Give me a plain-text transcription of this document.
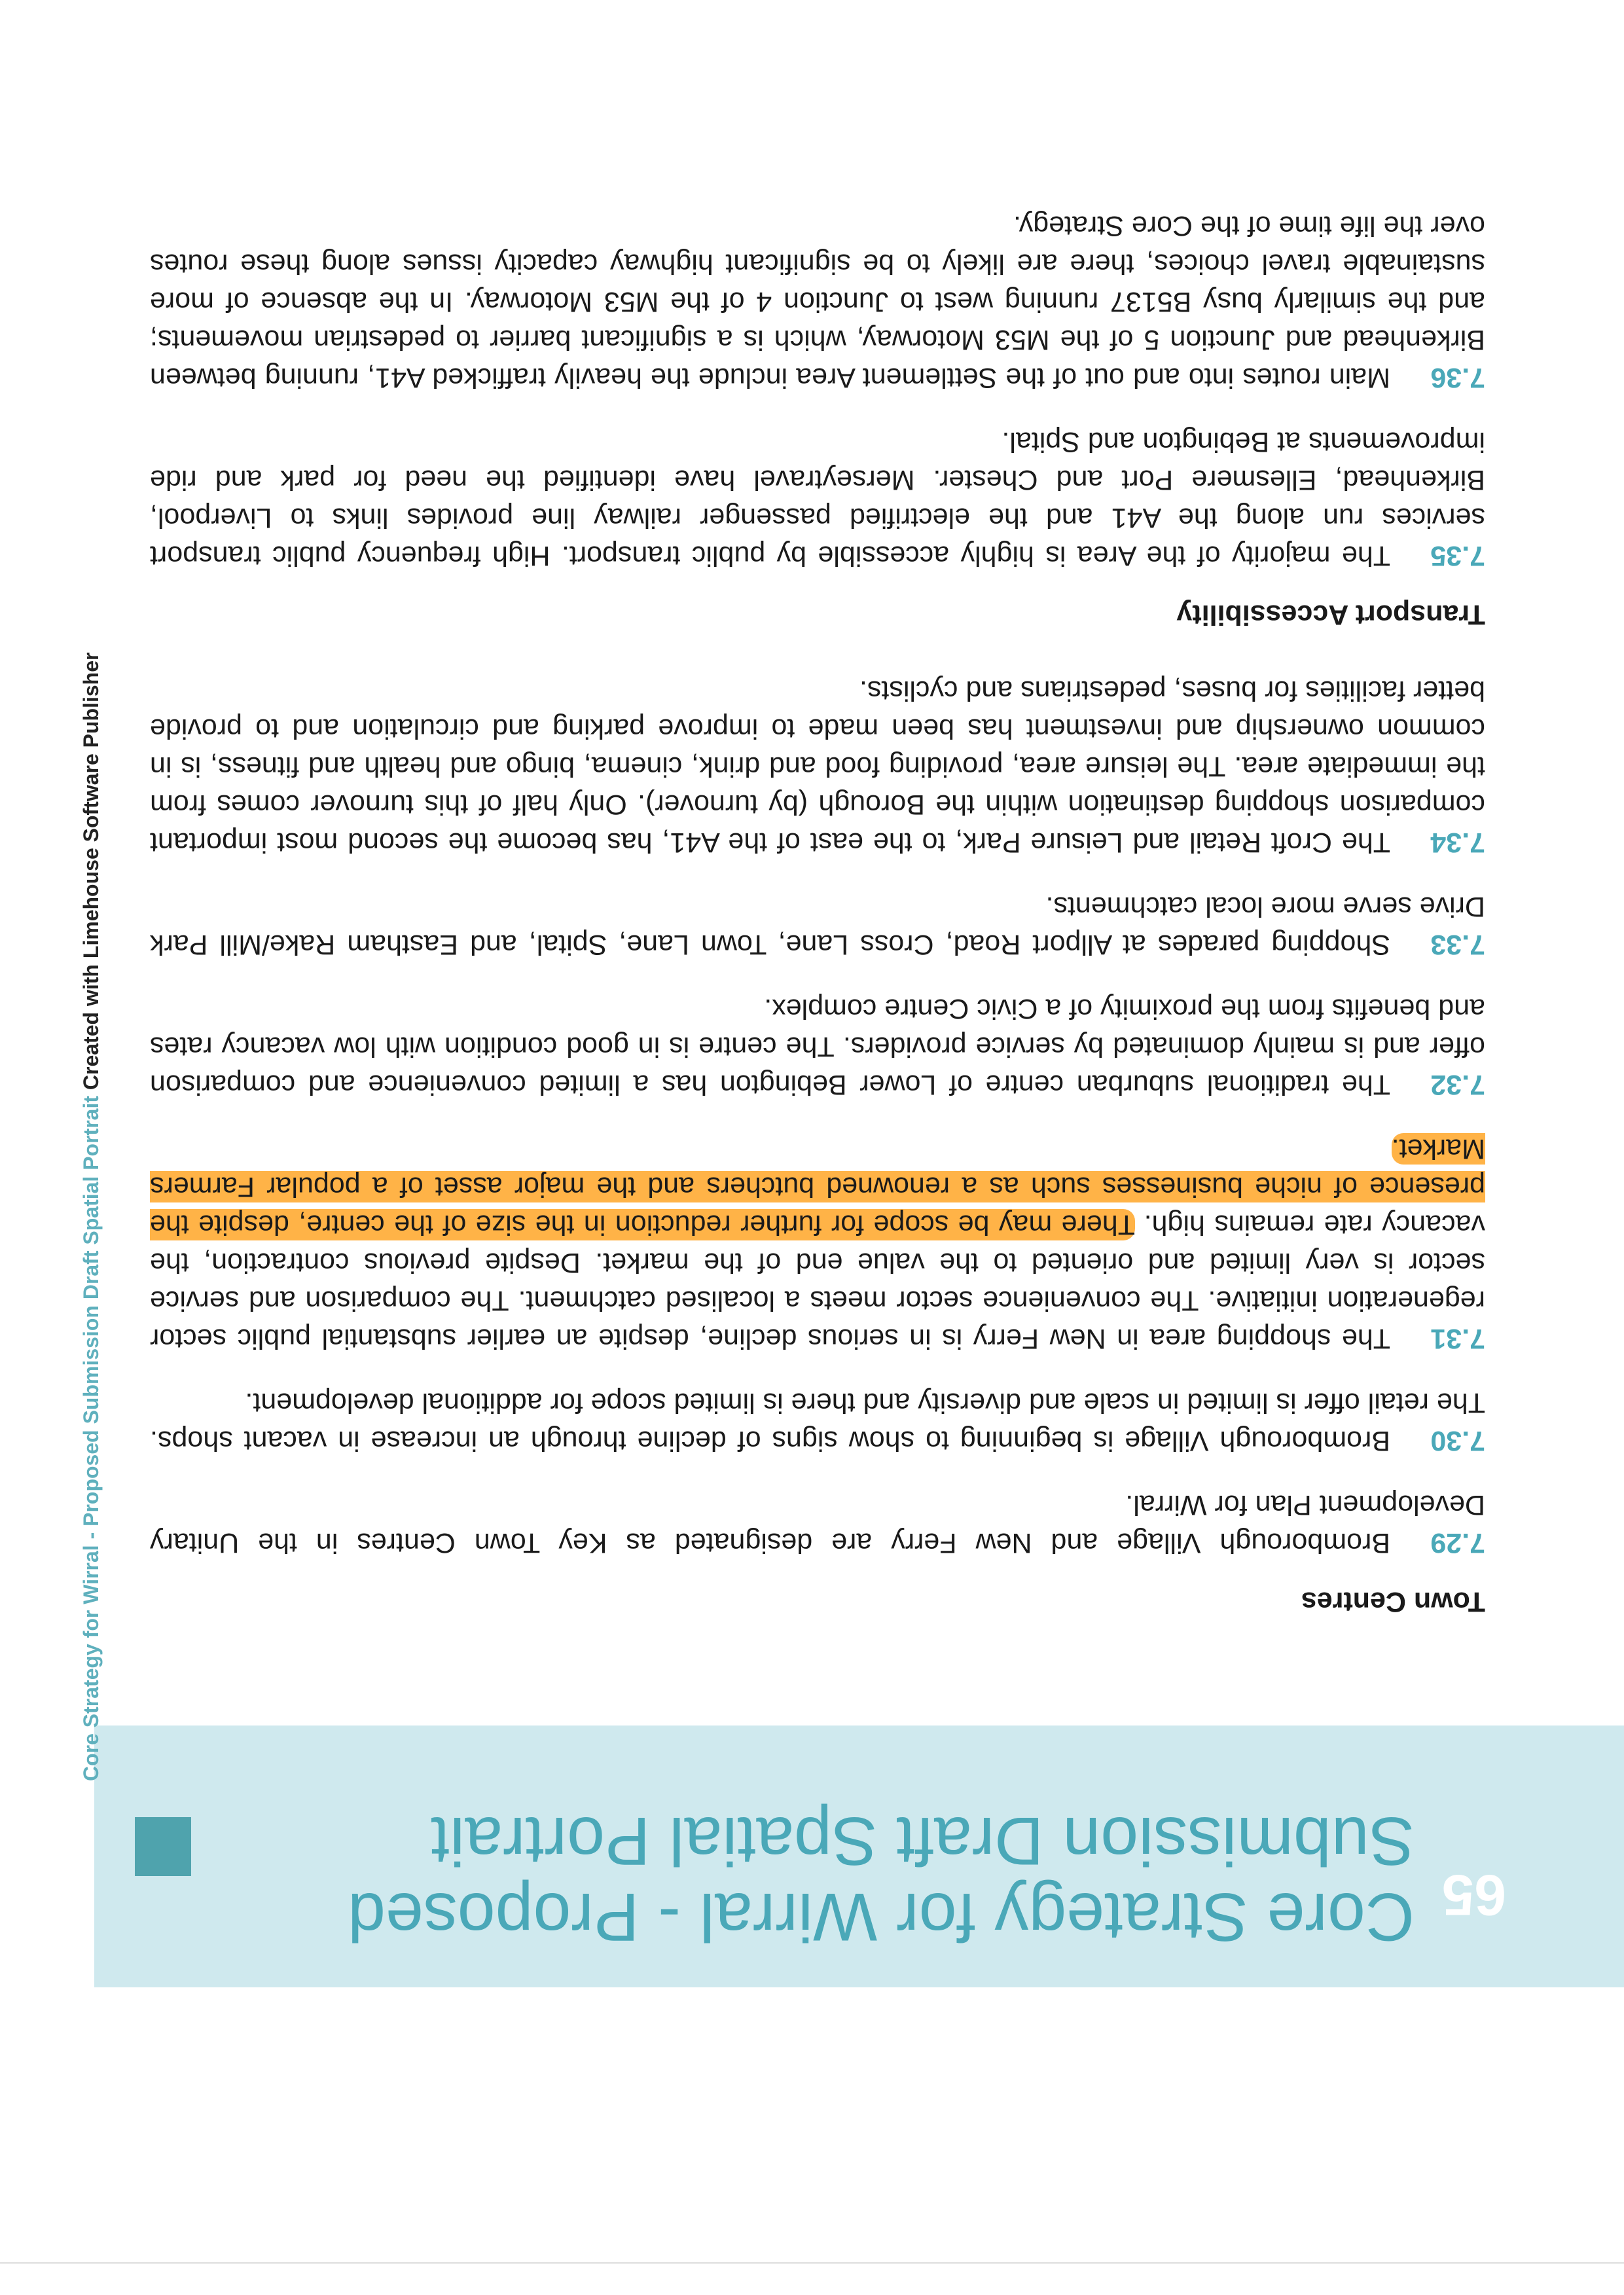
65
Core Strategy for Wirral - Proposed Submission Draft Spatial Portrait
Core Strategy for Wirral - Proposed Submission Draft Spatial Portrait Created with Limehouse Software Publisher
Town Centres

7.29Bromborough Village and New Ferry are designated as Key Town Centres in the Unitary Development Plan for Wirral.

7.30Bromborough Village is beginning to show signs of decline through an increase in vacant shops. The retail offer is limited in scale and diversity and there is limited scope for additional development.

7.31The shopping area in New Ferry is in serious decline, despite an earlier substantial public sector regeneration initiative. The convenience sector meets a localised catchment. The comparison and service sector is very limited and oriented to the value end of the market. Despite previous contraction, the vacancy rate remains high. There may be scope for further reduction in the size of the centre, despite the presence of niche businesses such as a renowned butchers and the major asset of a popular Farmers Market.

7.32The traditional suburban centre of Lower Bebington has a limited convenience and comparison offer and is mainly dominated by service providers. The centre is in good condition with low vacancy rates and benefits from the proximity of a Civic Centre complex.

7.33Shopping parades at Allport Road, Cross Lane, Town Lane, Spital, and Eastham Rake/Mill Park Drive serve more local catchments.

7.34The Croft Retail and Leisure Park, to the east of the A41, has become the second most important comparison shopping destination within the Borough (by turnover). Only half of this turnover comes from the immediate area. The leisure area, providing food and drink, cinema, bingo and health and fitness, is in common ownership and investment has been made to improve parking and circulation and to provide better facilities for buses, pedestrians and cyclists.

Transport Accessibility

7.35The majority of the Area is highly accessible by public transport. High frequency public transport services run along the A41 and the electrified passenger railway line provides links to Liverpool, Birkenhead, Ellesmere Port and Chester. Merseytravel have identified the need for park and ride improvements at Bebington and Spital.

7.36Main routes into and out of the Settlement Area include the heavily trafficked A41, running between Birkenhead and Junction 5 of the M53 Motorway, which is a significant barrier to pedestrian movements; and the similarly busy B5137 running west to Junction 4 of the M53 Motorway. In the absence of more sustainable travel choices, there are likely to be significant highway capacity issues along these routes over the life time of the Core Strategy.
